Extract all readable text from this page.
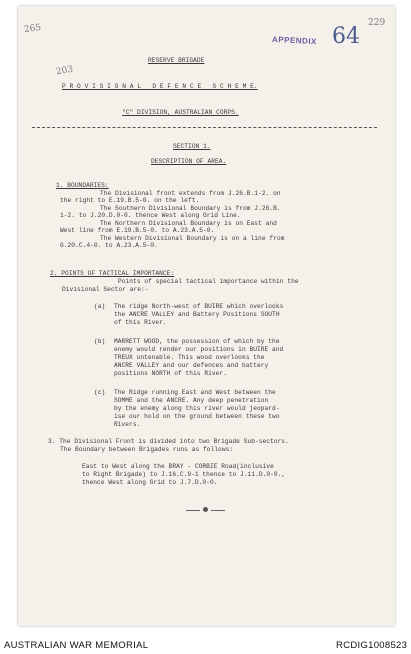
265	229
APPENDIX 64
203
RESERVE BRIGADE
P R O V I S I O N A L   D E F E N C E   S C H E M E.
"C" DIVISION, AUSTRALIAN CORPS.
SECTION 1.
DESCRIPTION OF AREA.
1. BOUNDARIES:
The Divisional front extends from J.26.B.1-2. on
the right to E.19.B.5-0. on the left.
The Southern Divisional Boundary is from J.26.B.
1-2. to J.20.D.0-0. thence West along Grid Line.
The Northern Divisional Boundary is on East and
West line from E.19.B.5-0. to A.23.A.5-0.
The Western Divisional Boundary is on a line from
G.20.C.4-0. to A.23.A.5-0.
2. POINTS OF TACTICAL IMPORTANCE:
Points of special tactical importance within the
Divisional Sector are:-
(a) The ridge North-west of BUIRE which overlooks
the ANCRE VALLEY and Battery Positions SOUTH
of this River.
(b) MARRETT WOOD, the possession of which by the
enemy would render our positions in BUIRE and
TREUX untenable. This wood overlooks the
ANCRE VALLEY and our defences and battery
positions NORTH of this River.
(c) The Ridge running East and West between the
SOMME and the ANCRE. Any deep penetration
by the enemy along this river would jeopard-
ise our hold on the ground between these two
Rivers.
3. The Divisional Front is divided into two Brigade Sub-sectors.
The Boundary between Brigades runs as follows:
East to West along the BRAY - CORBIE Road(inclusive
to Right Brigade) to J.16.C.9-1 thence to J.11.D.0-0.,
thence West along Grid to J.7.D.0-0.
AUSTRALIAN WAR MEMORIAL	RCDIG1008523
